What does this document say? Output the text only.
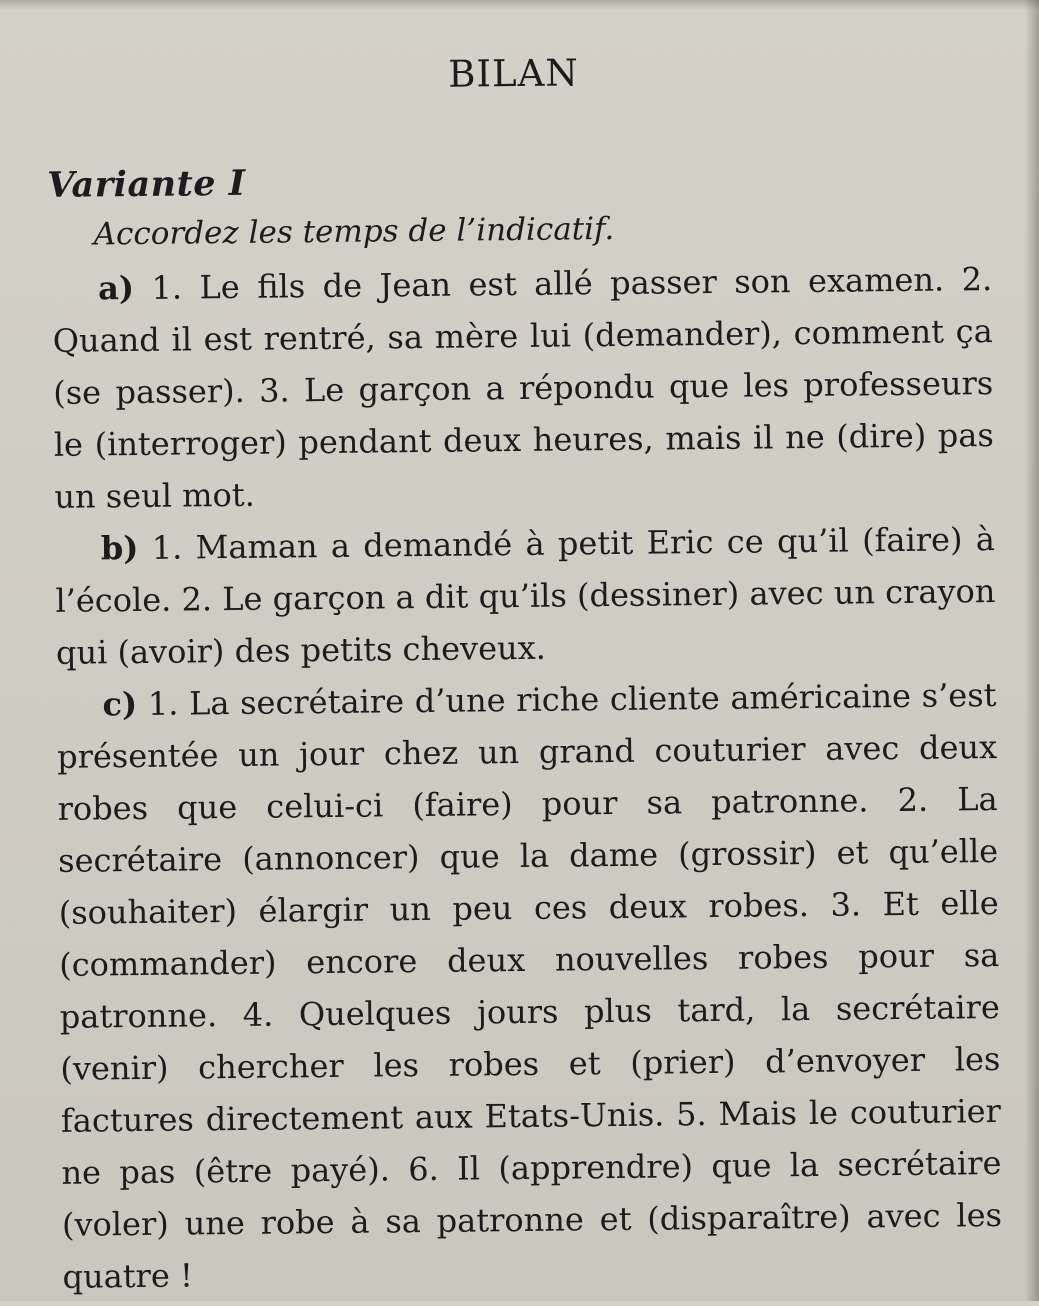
BILAN
Variante I
Accordez les temps de l’indicatif.

a) 1. Le fils de Jean est allé passer son examen. 2. Quand il est rentré, sa mère lui (demander), comment ça (se passer). 3. Le garçon a répondu que les professeurs le (interroger) pendant deux heures, mais il ne (dire) pas un seul mot.

b) 1. Maman a demandé à petit Eric ce qu’il (faire) à l’école. 2. Le garçon a dit qu’ils (dessiner) avec un crayon qui (avoir) des petits cheveux.

c) 1. La secrétaire d’une riche cliente américaine s’est présentée un jour chez un grand couturier avec deux robes que celui-ci (faire) pour sa patronne. 2. La secrétaire (annoncer) que la dame (grossir) et qu’elle (souhaiter) élargir un peu ces deux robes. 3. Et elle (commander) encore deux nouvelles robes pour sa patronne. 4. Quelques jours plus tard, la secrétaire (venir) chercher les robes et (prier) d’envoyer les factures directement aux Etats-Unis. 5. Mais le couturier ne pas (être payé). 6. Il (apprendre) que la secrétaire (voler) une robe à sa patronne et (disparaître) avec les quatre !
